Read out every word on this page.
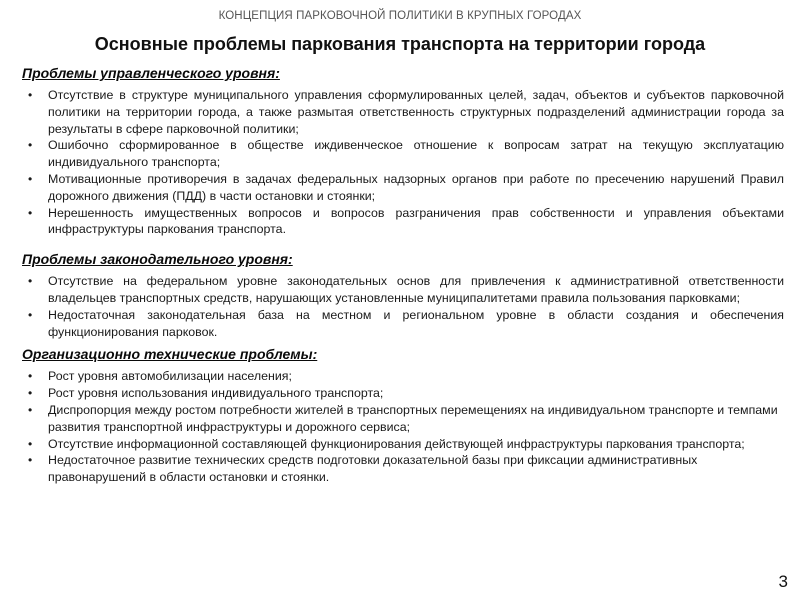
КОНЦЕПЦИЯ ПАРКОВОЧНОЙ ПОЛИТИКИ В КРУПНЫХ ГОРОДАХ
Основные проблемы паркования транспорта на территории города
Проблемы управленческого уровня:
• Отсутствие в структуре муниципального управления сформулированных целей, задач, объектов и субъектов парковочной политики на территории города, а также размытая ответственность структурных подразделений администрации города за результаты в сфере парковочной политики;
• Ошибочно сформированное в обществе иждивенческое отношение к вопросам затрат на текущую эксплуатацию индивидуального транспорта;
• Мотивационные противоречия в задачах федеральных надзорных органов при работе по пресечению нарушений Правил дорожного движения (ПДД) в части остановки и стоянки;
• Нерешенность имущественных вопросов и вопросов разграничения прав собственности и управления объектами инфраструктуры паркования транспорта.
Проблемы законодательного уровня:
• Отсутствие на федеральном уровне законодательных основ для привлечения к административной ответственности владельцев транспортных средств, нарушающих установленные муниципалитетами правила пользования парковками;
• Недостаточная законодательная база на местном и региональном уровне в области создания и обеспечения функционирования парковок.
Организационно технические проблемы:
• Рост уровня автомобилизации населения;
• Рост уровня использования индивидуального транспорта;
• Диспропорция между ростом потребности жителей в транспортных перемещениях на индивидуальном транспорте и темпами развития транспортной инфраструктуры и дорожного сервиса;
• Отсутствие информационной составляющей функционирования действующей инфраструктуры паркования транспорта;
• Недостаточное развитие технических средств подготовки доказательной базы при фиксации административных правонарушений в области остановки и стоянки.
3
